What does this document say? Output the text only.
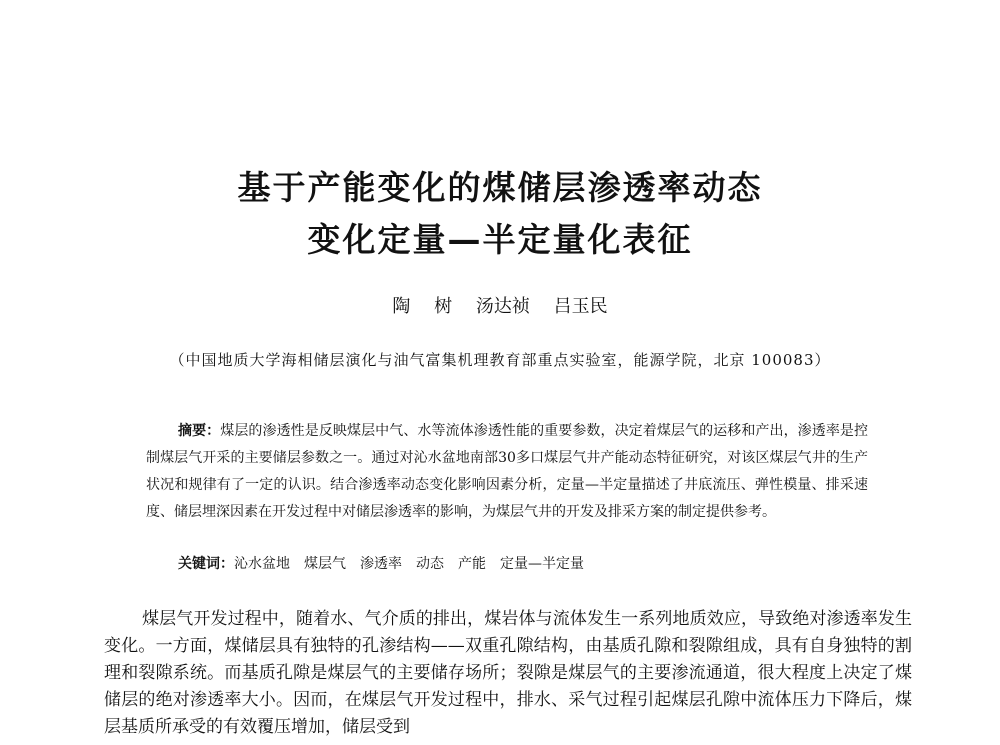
基于产能变化的煤储层渗透率动态
变化定量—半定量化表征
陶 树 汤达祯 吕玉民
（中国地质大学海相储层演化与油气富集机理教育部重点实验室，能源学院，北京 100083）

摘要：煤层的渗透性是反映煤层中气、水等流体渗透性能的重要参数，决定着煤层气的运移和产出，渗透率是控制煤层气开采的主要储层参数之一。通过对沁水盆地南部30多口煤层气井产能动态特征研究，对该区煤层气井的生产状况和规律有了一定的认识。结合渗透率动态变化影响因素分析，定量—半定量描述了井底流压、弹性模量、排采速度、储层埋深因素在开发过程中对储层渗透率的影响，为煤层气井的开发及排采方案的制定提供参考。

关键词：沁水盆地 煤层气 渗透率 动态 产能 定量—半定量

煤层气开发过程中，随着水、气介质的排出，煤岩体与流体发生一系列地质效应，导致绝对渗透率发生变化。一方面，煤储层具有独特的孔渗结构——双重孔隙结构，由基质孔隙和裂隙组成，具有自身独特的割理和裂隙系统。而基质孔隙是煤层气的主要储存场所；裂隙是煤层气的主要渗流通道，很大程度上决定了煤储层的绝对渗透率大小。因而，在煤层气开发过程中，排水、采气过程引起煤层孔隙中流体压力下降后，煤层基质所承受的有效覆压增加，储层受到
